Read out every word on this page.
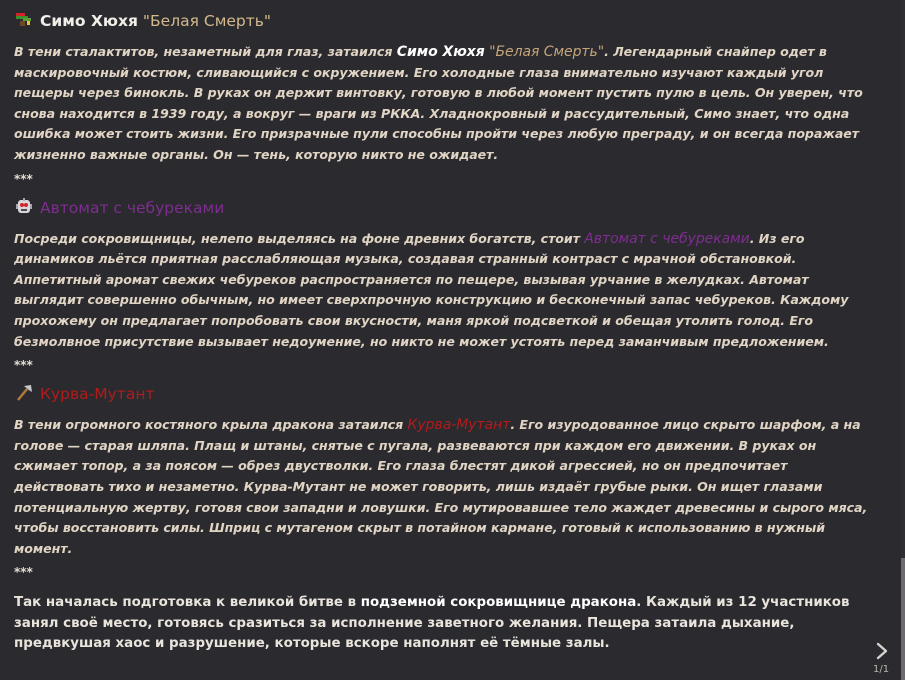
Симо Хюхя "Белая Смерть"

В тени сталактитов, незаметный для глаз, затаился Симо Хюхя "Белая Смерть". Легендарный снайпер одет в маскировочный костюм, сливающийся с окружением. Его холодные глаза внимательно изучают каждый угол пещеры через бинокль. В руках он держит винтовку, готовую в любой момент пустить пулю в цель. Он уверен, что снова находится в 1939 году, а вокруг — враги из РККА. Хладнокровный и рассудительный, Симо знает, что одна ошибка может стоить жизни. Его призрачные пули способны пройти через любую преграду, и он всегда поражает жизненно важные органы. Он — тень, которую никто не ожидает.

***
Автомат с чебуреками

Посреди сокровищницы, нелепо выделяясь на фоне древних богатств, стоит Автомат с чебуреками. Из его динамиков льётся приятная расслабляющая музыка, создавая странный контраст с мрачной обстановкой. Аппетитный аромат свежих чебуреков распространяется по пещере, вызывая урчание в желудках. Автомат выглядит совершенно обычным, но имеет сверхпрочную конструкцию и бесконечный запас чебуреков. Каждому прохожему он предлагает попробовать свои вкусности, маня яркой подсветкой и обещая утолить голод. Его безмолвное присутствие вызывает недоумение, но никто не может устоять перед заманчивым предложением.

***
Курва-Мутант

В тени огромного костяного крыла дракона затаился Курва-Мутант. Его изуродованное лицо скрыто шарфом, а на голове — старая шляпа. Плащ и штаны, снятые с пугала, развеваются при каждом его движении. В руках он сжимает топор, а за поясом — обрез двустволки. Его глаза блестят дикой агрессией, но он предпочитает действовать тихо и незаметно. Курва-Мутант не может говорить, лишь издаёт грубые рыки. Он ищет глазами потенциальную жертву, готовя свои западни и ловушки. Его мутировавшее тело жаждет древесины и сырого мяса, чтобы восстановить силы. Шприц с мутагеном скрыт в потайном кармане, готовый к использованию в нужный момент.

***

Так началась подготовка к великой битве в подземной сокровищнице дракона. Каждый из 12 участников занял своё место, готовясь сразиться за исполнение заветного желания. Пещера затаила дыхание, предвкушая хаос и разрушение, которые вскоре наполнят её тёмные залы.

1/1
